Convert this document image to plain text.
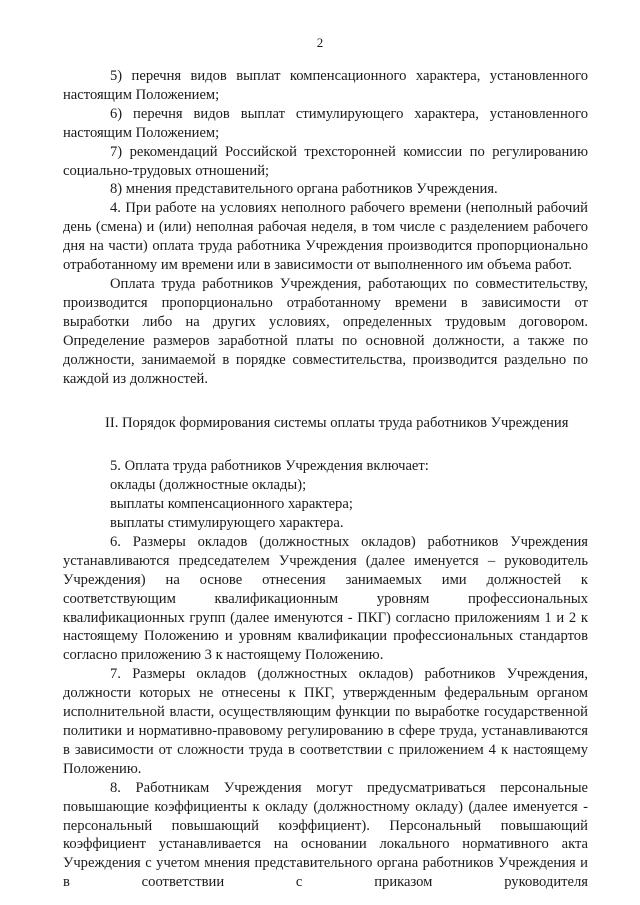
2

5) перечня видов выплат компенсационного характера, установленного настоящим Положением;

6) перечня видов выплат стимулирующего характера, установленного настоящим Положением;

7) рекомендаций Российской трехсторонней комиссии по регулированию социально-трудовых отношений;

8) мнения представительного органа работников Учреждения.

4. При работе на условиях неполного рабочего времени (неполный рабочий день (смена) и (или) неполная рабочая неделя, в том числе с разделением рабочего дня на части) оплата труда работника Учреждения производится пропорционально отработанному им времени или в зависимости от выполненного им объема работ.

Оплата труда работников Учреждения, работающих по совместительству, производится пропорционально отработанному времени в зависимости от выработки либо на других условиях, определенных трудовым договором. Определение размеров заработной платы по основной должности, а также по должности, занимаемой в порядке совместительства, производится раздельно по каждой из должностей.

II. Порядок формирования системы оплаты труда работников Учреждения

5. Оплата труда работников Учреждения включает:

оклады (должностные оклады);

выплаты компенсационного характера;

выплаты стимулирующего характера.

6. Размеры окладов (должностных окладов) работников Учреждения устанавливаются председателем Учреждения (далее именуется – руководитель Учреждения) на основе отнесения занимаемых ими должностей к соответствующим квалификационным уровням профессиональных квалификационных групп (далее именуются - ПКГ) согласно приложениям 1 и 2 к настоящему Положению и уровням квалификации профессиональных стандартов согласно приложению 3 к настоящему Положению.

7. Размеры окладов (должностных окладов) работников Учреждения, должности которых не отнесены к ПКГ, утвержденным федеральным органом исполнительной власти, осуществляющим функции по выработке государственной политики и нормативно-правовому регулированию в сфере труда, устанавливаются в зависимости от сложности труда в соответствии с приложением 4 к настоящему Положению.

8. Работникам Учреждения могут предусматриваться персональные повышающие коэффициенты к окладу (должностному окладу) (далее именуется - персональный повышающий коэффициент). Персональный повышающий коэффициент устанавливается на основании локального нормативного акта Учреждения с учетом мнения представительного органа работников Учреждения и в соответствии с приказом руководителя
